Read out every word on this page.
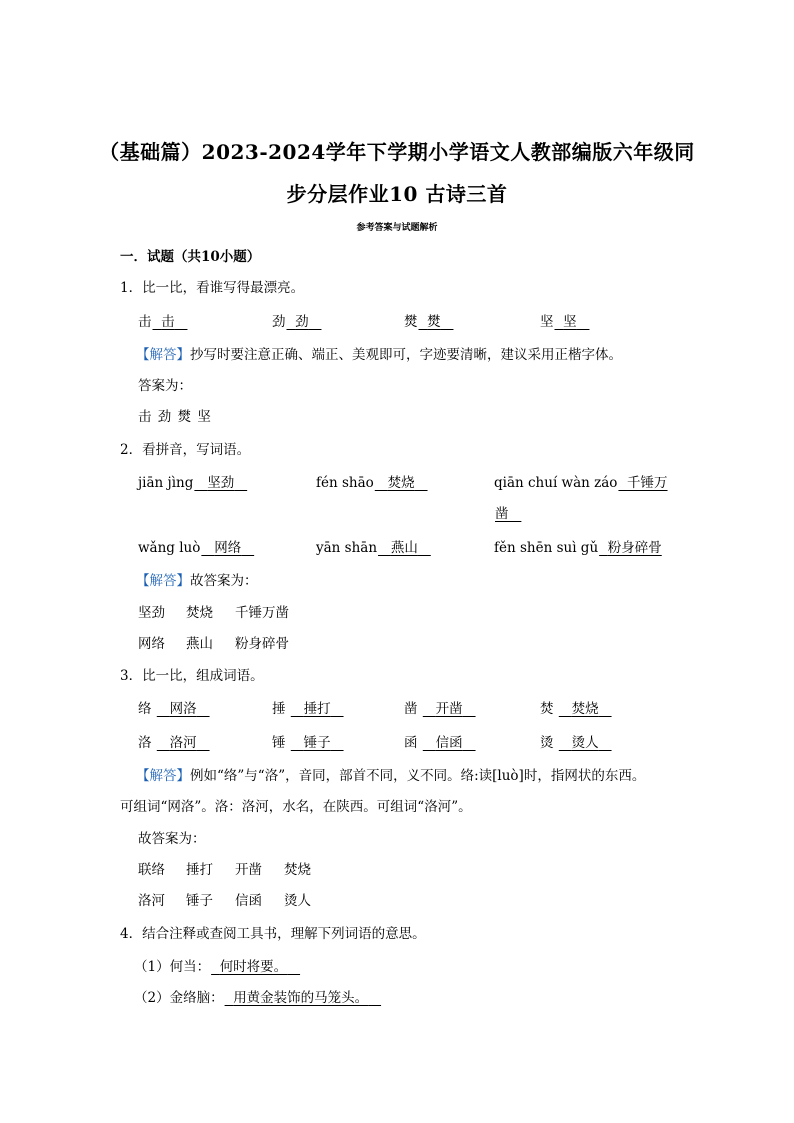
（基础篇）2023-2024学年下学期小学语文人教部编版六年级同
步分层作业10 古诗三首
参考答案与试题解析
一．试题（共10小题）
1．比一比，看谁写得最漂亮。
击 击	劲 劲	燓 燓	坚 坚
【解答】抄写时要注意正确、端正、美观即可，字迹要清晰，建议采用正楷字体。
答案为：
击 劲 燓 坚
2．看拼音，写词语。
jiān jìng 坚劲	fén shāo 焚烧	qiān chuí wàn záo 千锤万
凿
wǎng luò 网络	yān shān 燕山	fěn shēn suì gǔ 粉身碎骨
【解答】故答案为：
坚劲 焚烧 千锤万凿
网络 燕山 粉身碎骨
3．比一比，组成词语。
络 网洛	捶 捶打	凿 开凿	焚 焚烧
洛 洛河	锤 锤子	函 信函	烫 烫人
【解答】例如“络”与“洛”，音同，部首不同，义不同。络:读[luò]时，指网状的东西。
可组词“网洛”。洛：洛河，水名，在陕西。可组词“洛河”。
故答案为：
联络 捶打 开凿 焚烧
洛河 锤子 信函 烫人
4．结合注释或查阅工具书，理解下列词语的意思。
（1）何当： 何时将要。
（2）金络脑： 用黄金装饰的马笼头。
